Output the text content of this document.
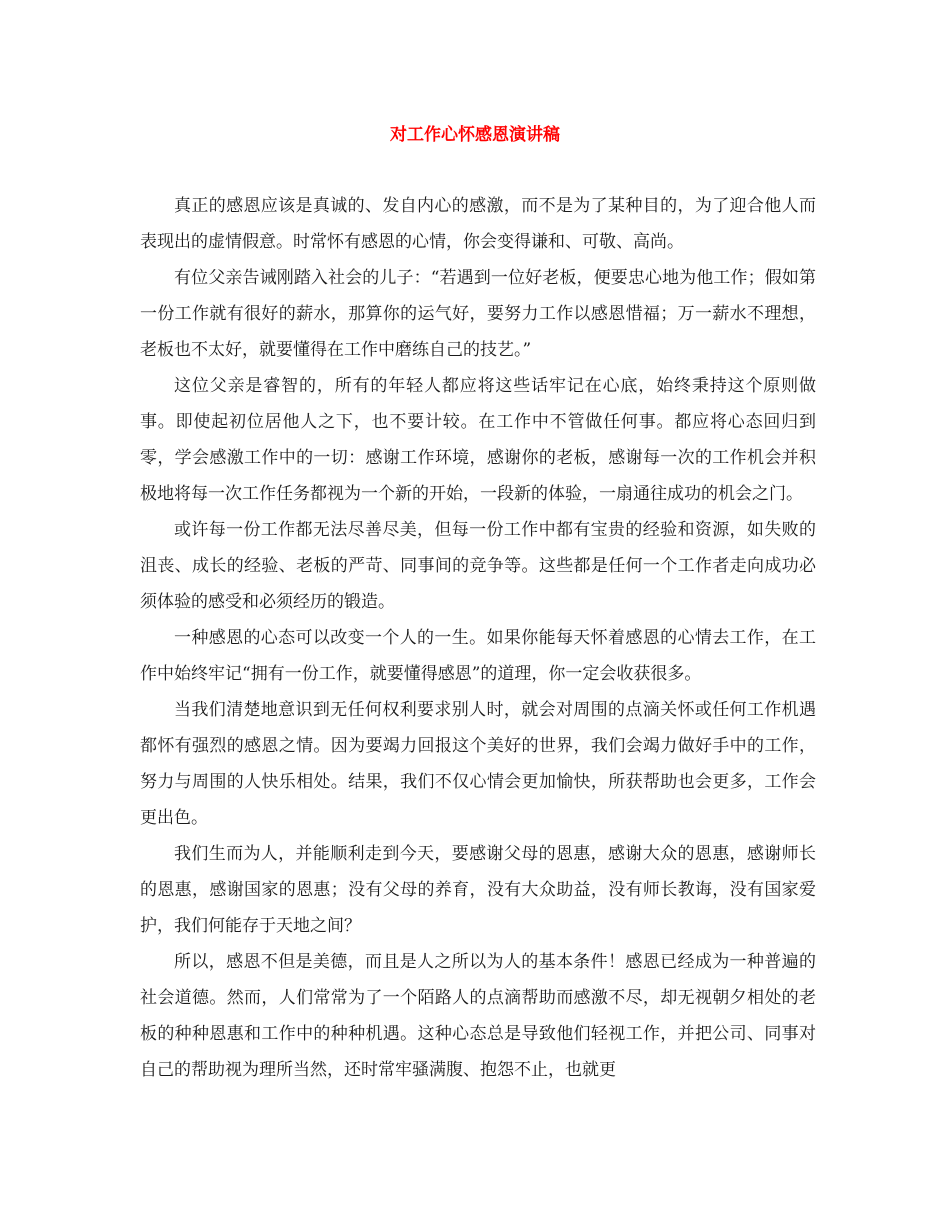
对工作心怀感恩演讲稿

真正的感恩应该是真诚的、发自内心的感激，而不是为了某种目的，为了迎合他人而表现出的虚情假意。时常怀有感恩的心情，你会变得谦和、可敬、高尚。

有位父亲告诫刚踏入社会的儿子：“若遇到一位好老板，便要忠心地为他工作；假如第一份工作就有很好的薪水，那算你的运气好，要努力工作以感恩惜福；万一薪水不理想，老板也不太好，就要懂得在工作中磨练自己的技艺。”

这位父亲是睿智的，所有的年轻人都应将这些话牢记在心底，始终秉持这个原则做事。即使起初位居他人之下，也不要计较。在工作中不管做任何事。都应将心态回归到零，学会感激工作中的一切：感谢工作环境，感谢你的老板，感谢每一次的工作机会并积极地将每一次工作任务都视为一个新的开始，一段新的体验，一扇通往成功的机会之门。

或许每一份工作都无法尽善尽美，但每一份工作中都有宝贵的经验和资源，如失败的沮丧、成长的经验、老板的严苛、同事间的竞争等。这些都是任何一个工作者走向成功必须体验的感受和必须经历的锻造。

一种感恩的心态可以改变一个人的一生。如果你能每天怀着感恩的心情去工作，在工作中始终牢记“拥有一份工作，就要懂得感恩”的道理，你一定会收获很多。

当我们清楚地意识到无任何权利要求别人时，就会对周围的点滴关怀或任何工作机遇都怀有强烈的感恩之情。因为要竭力回报这个美好的世界，我们会竭力做好手中的工作，努力与周围的人快乐相处。结果，我们不仅心情会更加愉快，所获帮助也会更多，工作会更出色。

我们生而为人，并能顺利走到今天，要感谢父母的恩惠，感谢大众的恩惠，感谢师长的恩惠，感谢国家的恩惠；没有父母的养育，没有大众助益，没有师长教诲，没有国家爱护，我们何能存于天地之间？

所以，感恩不但是美德，而且是人之所以为人的基本条件！感恩已经成为一种普遍的社会道德。然而，人们常常为了一个陌路人的点滴帮助而感激不尽，却无视朝夕相处的老板的种种恩惠和工作中的种种机遇。这种心态总是导致他们轻视工作，并把公司、同事对自己的帮助视为理所当然，还时常牢骚满腹、抱怨不止，也就更
